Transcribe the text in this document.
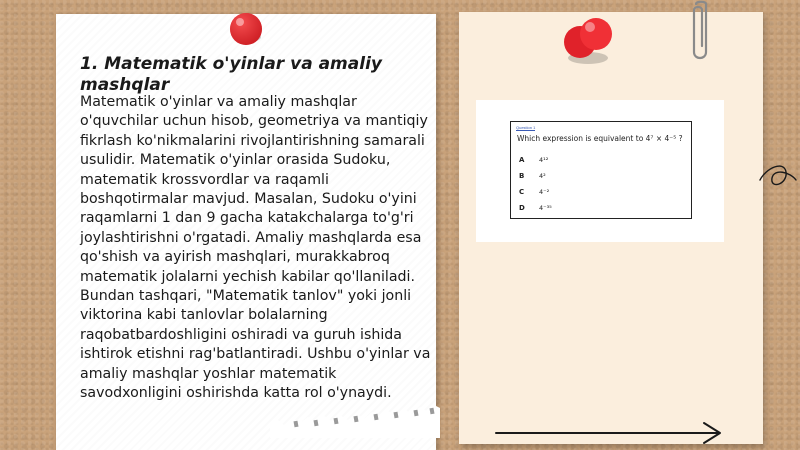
1. Matematik o'yinlar va amaliy mashqlar

Matematik o'yinlar va amaliy mashqlar o'quvchilar uchun hisob, geometriya va mantiqiy fikrlash ko'nikmalarini rivojlantirishning samarali usulidir. Matematik o'yinlar orasida Sudoku, matematik krossvordlar va raqamli boshqotirmalar mavjud. Masalan, Sudoku o'yini raqamlarni 1 dan 9 gacha katakchalarga to'g'ri joylashtirishni o'rgatadi. Amaliy mashqlarda esa qo'shish va ayirish mashqlari, murakkabroq matematik jolalarni yechish kabilar qo'llaniladi. Bundan tashqari, "Matematik tanlov" yoki jonli viktorina kabi tanlovlar bolalarning raqobatbardoshligini oshiradi va guruh ishida ishtirok etishni rag'batlantiradi. Ushbu o'yinlar va amaliy mashqlar yoshlar matematik savodxonligini oshirishda katta rol o'ynaydi.

Question 1
Which expression is equivalent to 4⁷ × 4⁻⁵ ?
A 4¹²
B 4²
C 4⁻²
D 4⁻³⁵
